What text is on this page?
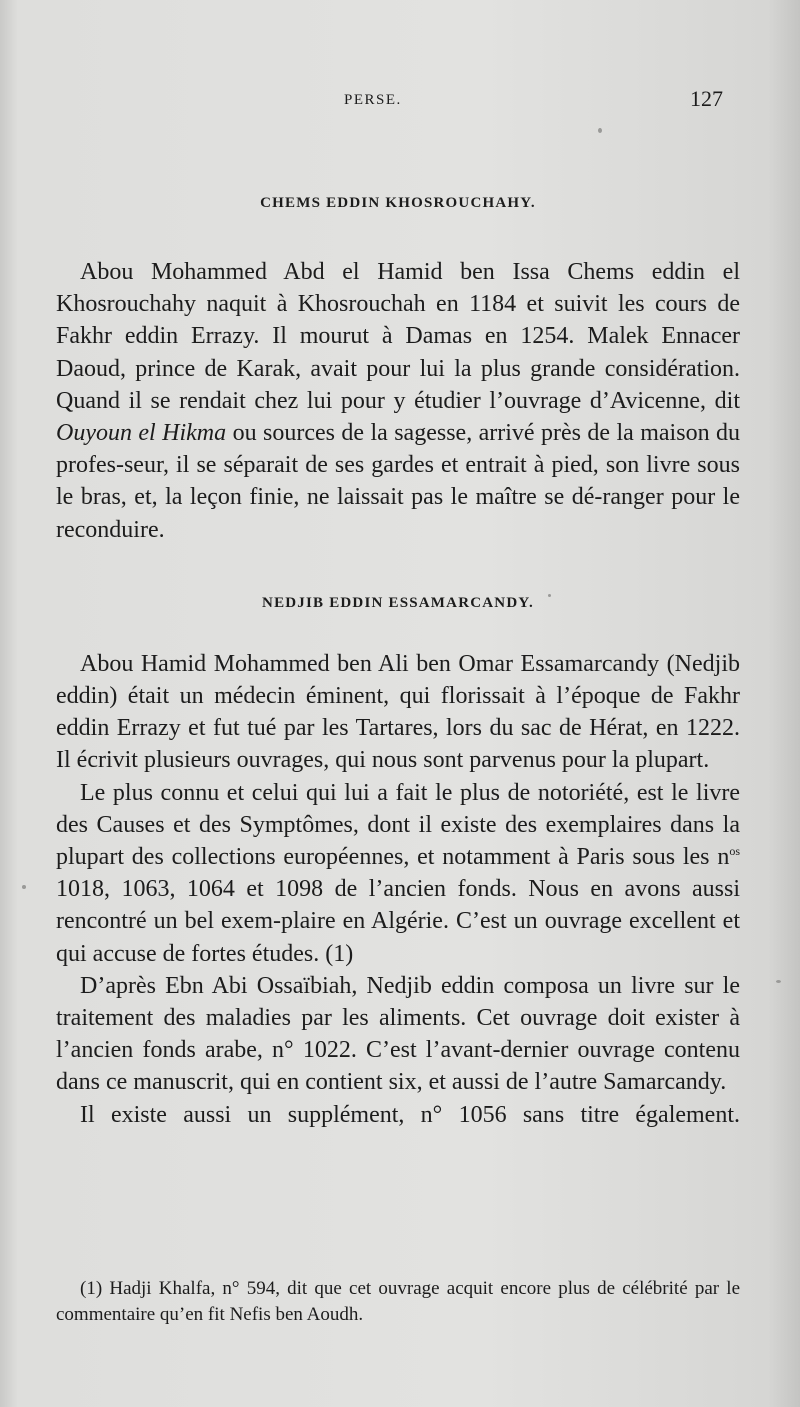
PERSE.	127
CHEMS EDDIN KHOSROUCHAHY.

Abou Mohammed Abd el Hamid ben Issa Chems eddin el Khosrouchahy naquit à Khosrouchah en 1184 et suivit les cours de Fakhr eddin Errazy. Il mourut à Damas en 1254. Malek Ennacer Daoud, prince de Karak, avait pour lui la plus grande considération. Quand il se rendait chez lui pour y étudier l’ouvrage d’Avicenne, dit Ouyoun el Hikma ou sources de la sagesse, arrivé près de la maison du profes-seur, il se séparait de ses gardes et entrait à pied, son livre sous le bras, et, la leçon finie, ne laissait pas le maître se dé-ranger pour le reconduire.

NEDJIB EDDIN ESSAMARCANDY.

Abou Hamid Mohammed ben Ali ben Omar Essamarcandy (Nedjib eddin) était un médecin éminent, qui florissait à l’époque de Fakhr eddin Errazy et fut tué par les Tartares, lors du sac de Hérat, en 1222. Il écrivit plusieurs ouvrages, qui nous sont parvenus pour la plupart.

Le plus connu et celui qui lui a fait le plus de notoriété, est le livre des Causes et des Symptômes, dont il existe des exemplaires dans la plupart des collections européennes, et notamment à Paris sous les $n^{os}$ 1018, 1063, 1064 et 1098 de l’ancien fonds. Nous en avons aussi rencontré un bel exem-plaire en Algérie. C’est un ouvrage excellent et qui accuse de fortes études. (1)

D’après Ebn Abi Ossaïbiah, Nedjib eddin composa un livre sur le traitement des maladies par les aliments. Cet ouvrage doit exister à l’ancien fonds arabe, n° 1022. C’est l’avant-dernier ouvrage contenu dans ce manuscrit, qui en contient six, et aussi de l’autre Samarcandy.

Il existe aussi un supplément, n° 1056 sans titre également.

(1) Hadji Khalfa, n° 594, dit que cet ouvrage acquit encore plus de célébrité par le commentaire qu’en fit Nefis ben Aoudh.
